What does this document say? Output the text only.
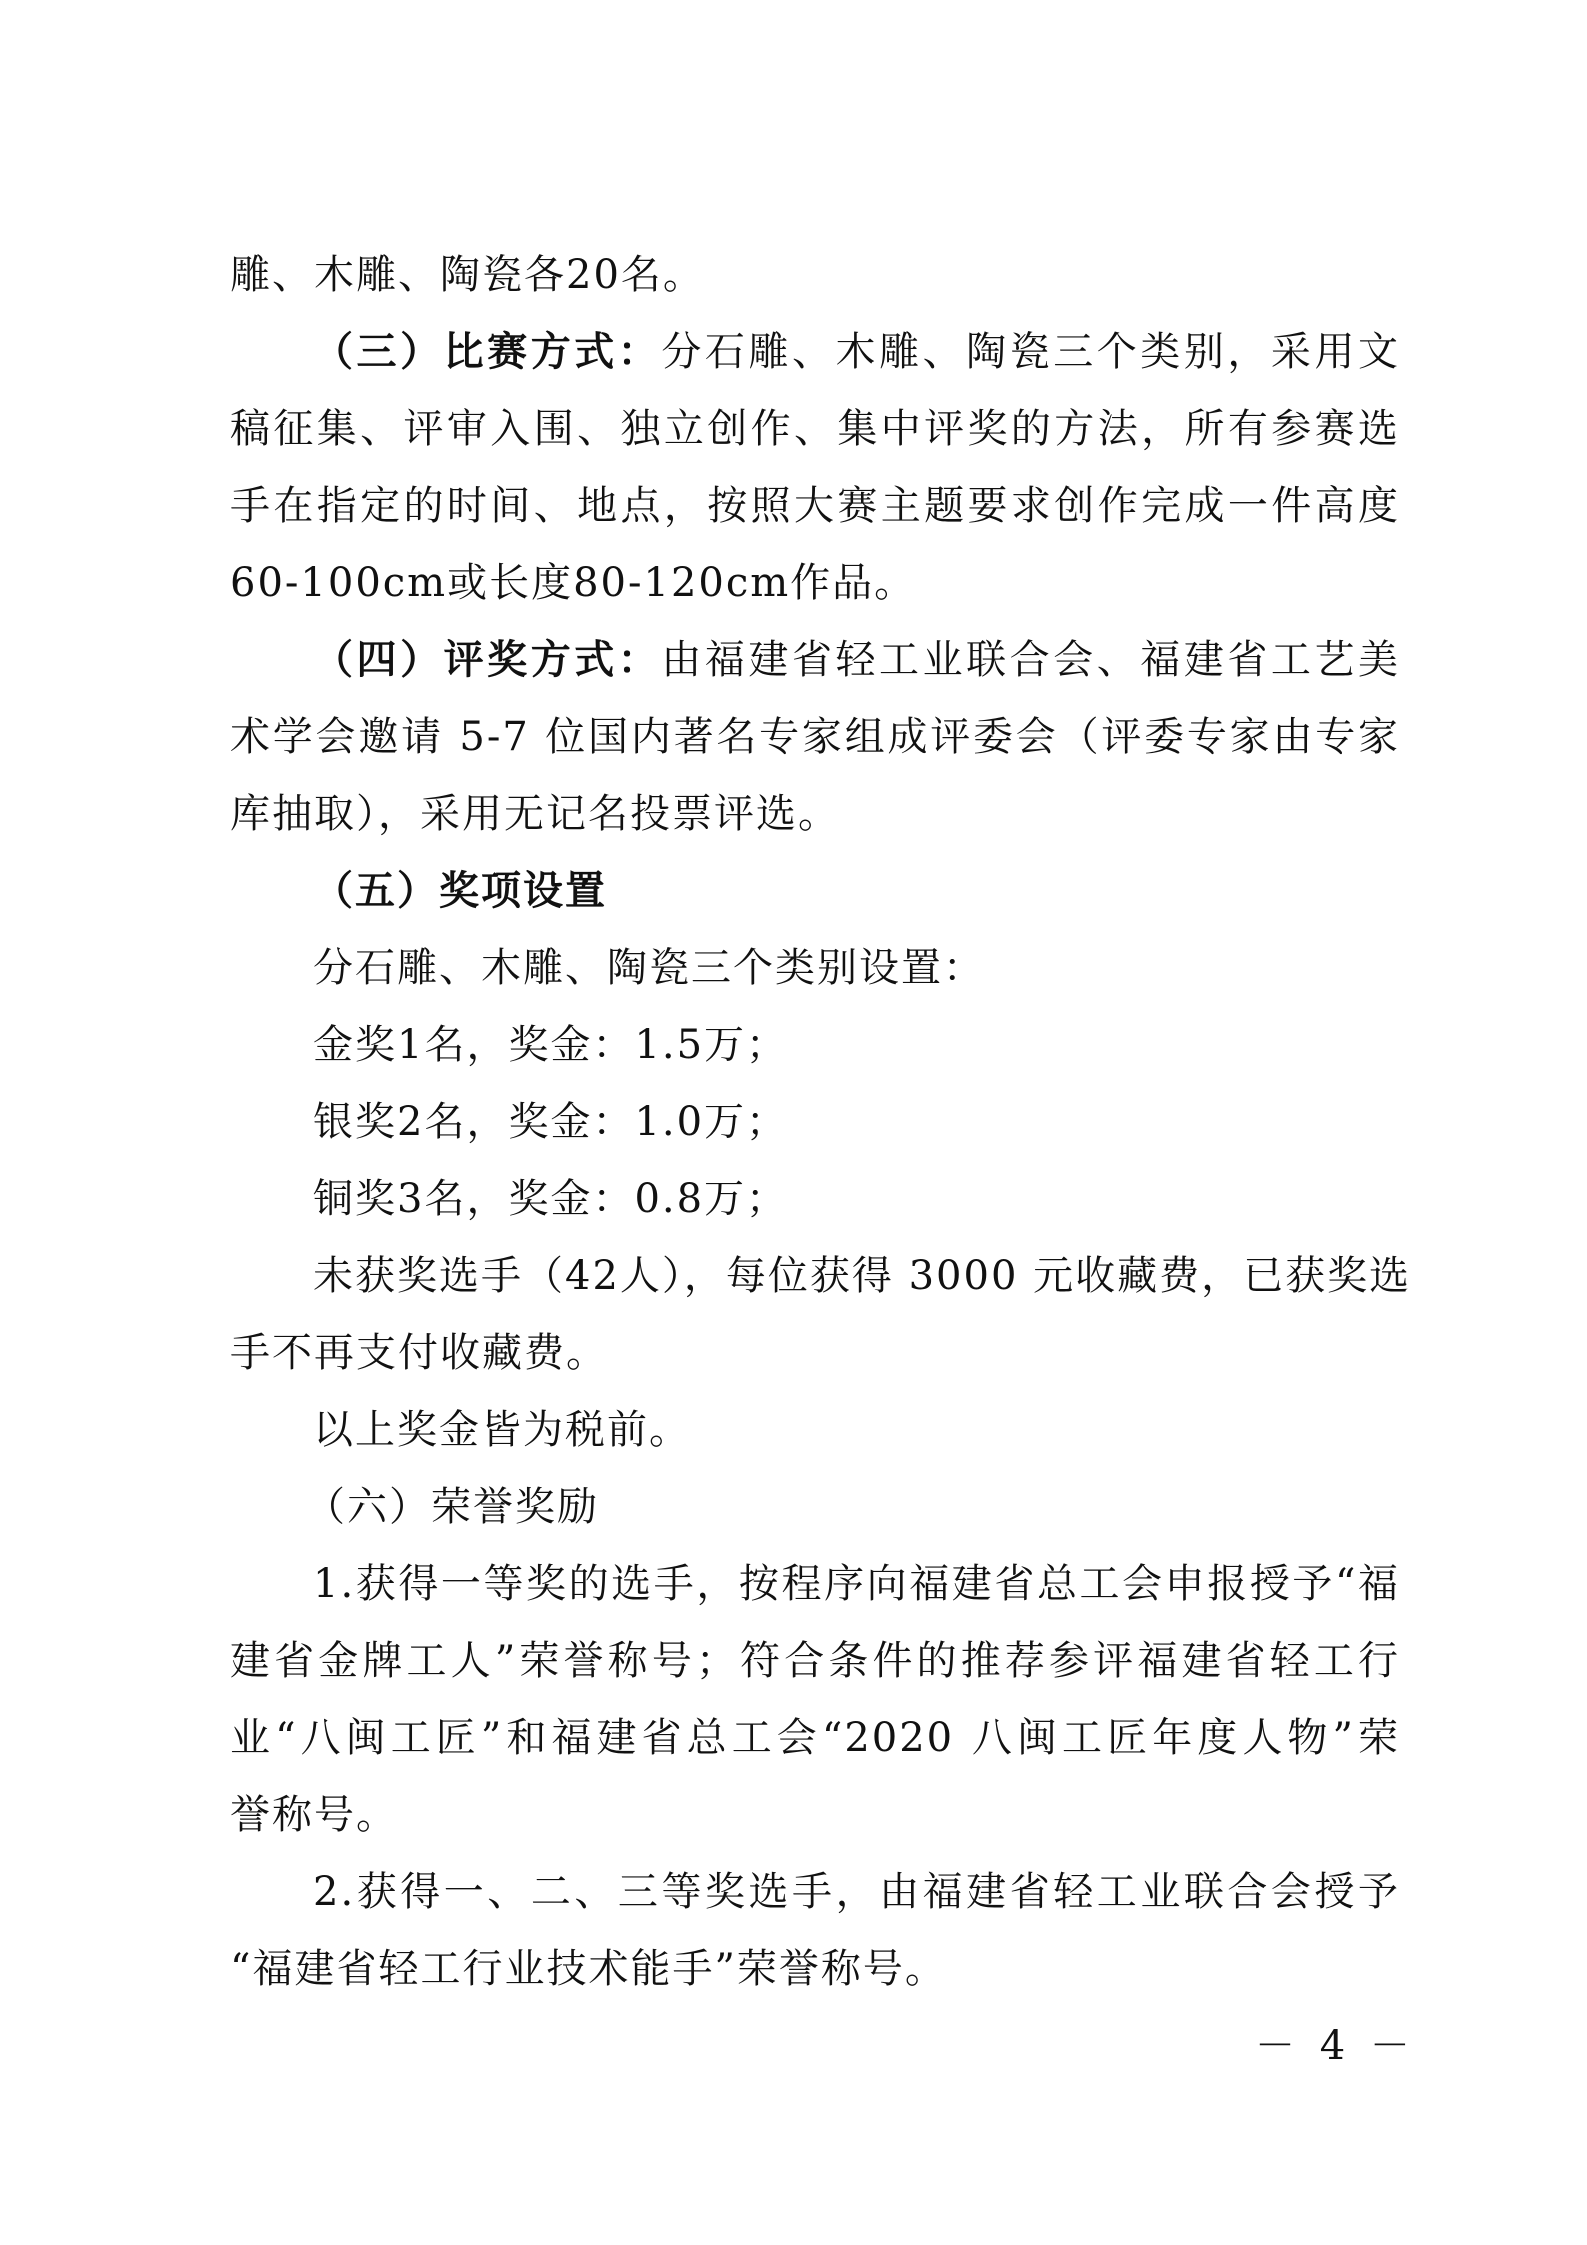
雕、木雕、陶瓷各20名。
（三）比赛方式：分石雕、木雕、陶瓷三个类别，采用文
稿征集、评审入围、独立创作、集中评奖的方法，所有参赛选
手在指定的时间、地点，按照大赛主题要求创作完成一件高度
60-100cm或长度80-120cm作品。
（四）评奖方式：由福建省轻工业联合会、福建省工艺美
术学会邀请 5-7 位国内著名专家组成评委会（评委专家由专家
库抽取），采用无记名投票评选。
（五）奖项设置
分石雕、木雕、陶瓷三个类别设置：
金奖1名，奖金：1.5万；
银奖2名，奖金：1.0万；
铜奖3名，奖金：0.8万；
未获奖选手（42人），每位获得 3000 元收藏费，已获奖选
手不再支付收藏费。
以上奖金皆为税前。
（六）荣誉奖励
1.获得一等奖的选手，按程序向福建省总工会申报授予“福
建省金牌工人”荣誉称号；符合条件的推荐参评福建省轻工行
业“八闽工匠”和福建省总工会“2020 八闽工匠年度人物”荣
誉称号。
2.获得一、二、三等奖选手，由福建省轻工业联合会授予
“福建省轻工行业技术能手”荣誉称号。
－ 4 －
